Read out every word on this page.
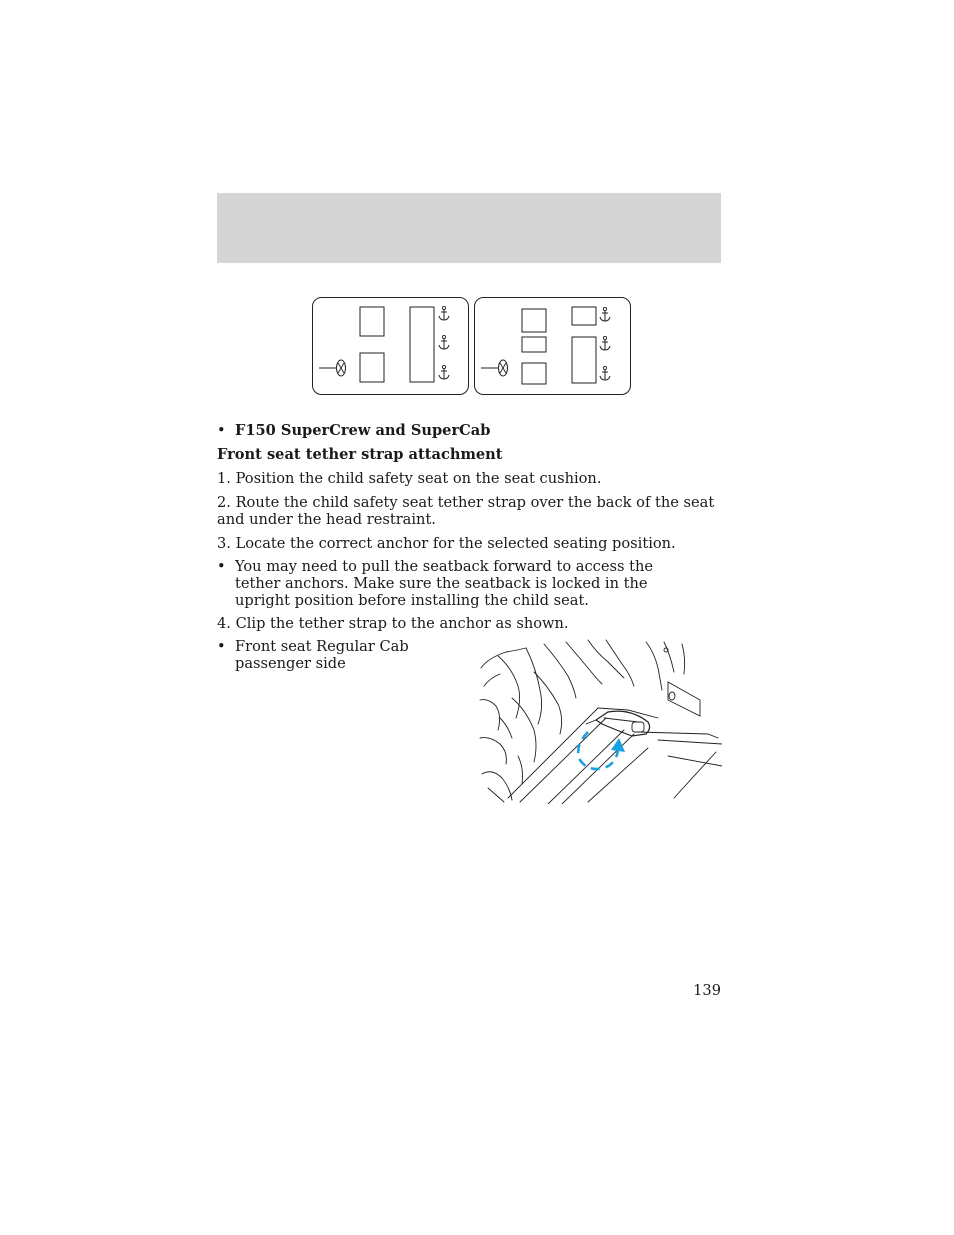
• F150 SuperCrew and SuperCab
Front seat tether strap attachment
1. Position the child safety seat on the seat cushion.
2. Route the child safety seat tether strap over the back of the seat and under the head restraint.
3. Locate the correct anchor for the selected seating position.
• You may need to pull the seatback forward to access the tether anchors. Make sure the seatback is locked in the upright position before installing the child seat.
4. Clip the tether strap to the anchor as shown.
• Front seat Regular Cab passenger side
139
